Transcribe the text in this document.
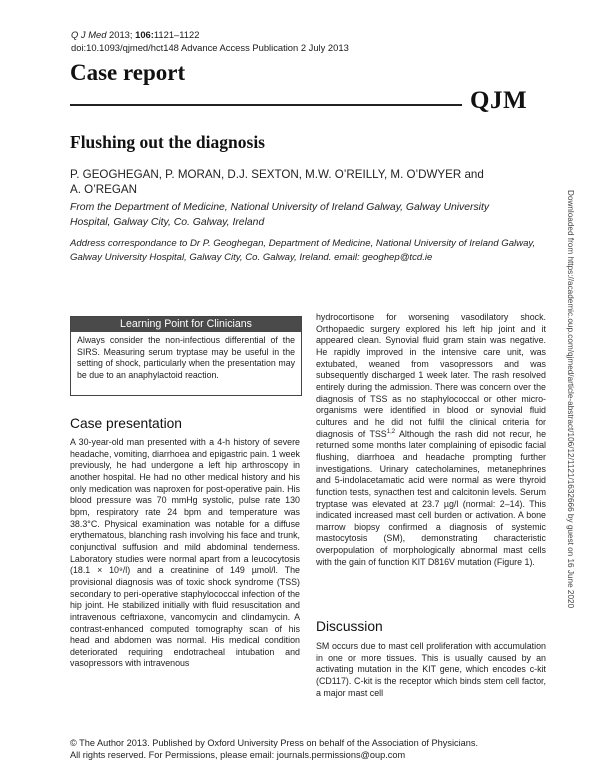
Q J Med 2013; 106:1121–1122
doi:10.1093/qjmed/hct148 Advance Access Publication 2 July 2013
Case report
QJM
Flushing out the diagnosis
P. GEOGHEGAN, P. MORAN, D.J. SEXTON, M.W. O’REILLY, M. O’DWYER and
A. O’REGAN
From the Department of Medicine, National University of Ireland Galway, Galway University
Hospital, Galway City, Co. Galway, Ireland
Address correspondance to Dr P. Geoghegan, Department of Medicine, National University of Ireland Galway,
Galway University Hospital, Galway City, Co. Galway, Ireland. email: geoghep@tcd.ie	Downloaded from https://academic.oup.com/qjmed/article-abstract/106/12/1121/1632666 by guest on 16 June 2020
Learning Point for Clinicians
Always consider the non-infectious differential of the SIRS. Measuring serum tryptase may be useful in the setting of shock, particularly when the presentation may be due to an anaphylactoid reaction.
Case presentation

A 30-year-old man presented with a 4-h history of severe headache, vomiting, diarrhoea and epigastric pain. 1 week previously, he had undergone a left hip arthroscopy in another hospital. He had no other medical history and his only medication was naproxen for post-operative pain. His blood pressure was 70 mmHg systolic, pulse rate 130 bpm, respiratory rate 24 bpm and temperature was 38.3°C. Physical examination was notable for a diffuse erythematous, blanching rash involving his face and trunk, conjunctival suffusion and mild abdominal tenderness. Laboratory studies were normal apart from a leucocytosis (18.1 × 10⁹/l) and a creatinine of 149 µmol/l. The provisional diagnosis was of toxic shock syndrome (TSS) secondary to peri-operative staphylococcal infection of the hip joint. He stabilized initially with fluid resuscitation and intravenous ceftriaxone, vancomycin and clindamycin. A contrast-enhanced computed tomography scan of his head and abdomen was normal. His medical condition deteriorated requiring endotracheal intubation and vasopressors with intravenous

hydrocortisone for worsening vasodilatory shock. Orthopaedic surgery explored his left hip joint and it appeared clean. Synovial fluid gram stain was negative. He rapidly improved in the intensive care unit, was extubated, weaned from vasopressors and was subsequently discharged 1 week later. The rash resolved entirely during the admission. There was concern over the diagnosis of TSS as no staphylococcal or other micro-organisms were identified in blood or synovial fluid cultures and he did not fulfil the clinical criteria for diagnosis of TSS$^{1,2}$ Although the rash did not recur, he returned some months later complaining of episodic facial flushing, diarrhoea and headache prompting further investigations. Urinary catecholamines, metanephrines and 5-indolacetamatic acid were normal as were thyroid function tests, synacthen test and calcitonin levels. Serum tryptase was elevated at 23.7 µg/l (normal: 2–14). This indicated increased mast cell burden or activation. A bone marrow biopsy confirmed a diagnosis of systemic mastocytosis (SM), demonstrating characteristic overpopulation of morphologically abnormal mast cells with the gain of function KIT D816V mutation (Figure 1).

Discussion

SM occurs due to mast cell proliferation with accumulation in one or more tissues. This is usually caused by an activating mutation in the KIT gene, which encodes c-kit (CD117). C-kit is the receptor which binds stem cell factor, a major mast cell

© The Author 2013. Published by Oxford University Press on behalf of the Association of Physicians.
All rights reserved. For Permissions, please email: journals.permissions@oup.com
